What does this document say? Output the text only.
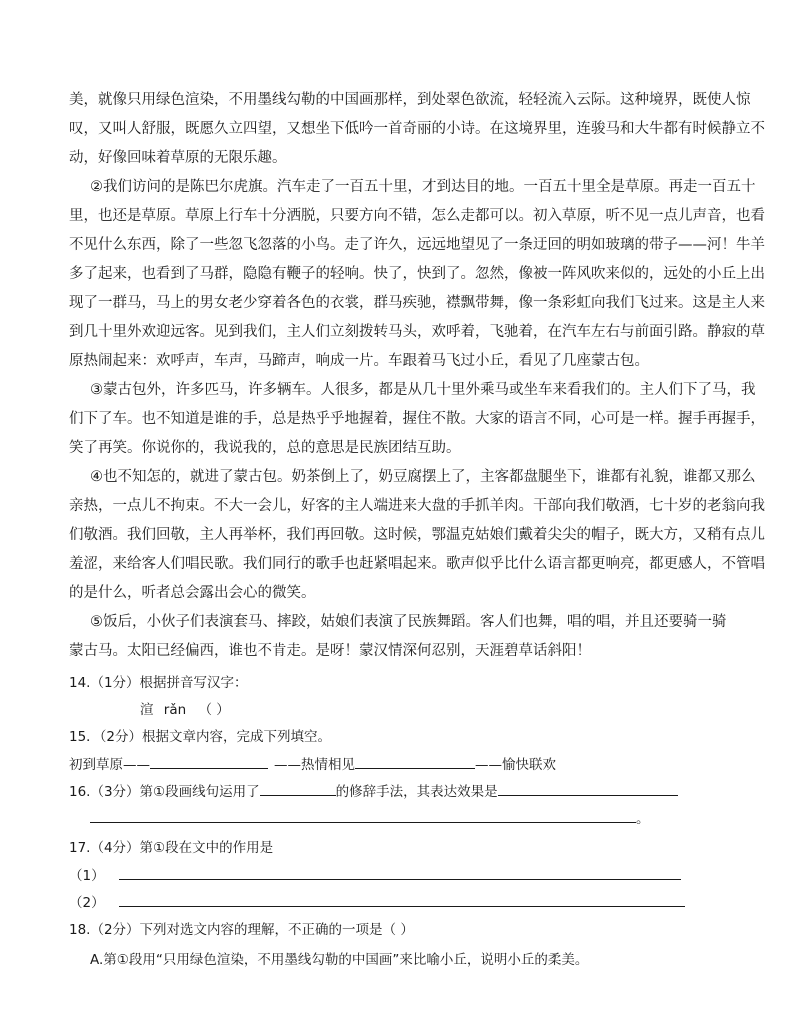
美，就像只用绿色渲染，不用墨线勾勒的中国画那样，到处翠色欲流，轻轻流入云际。这种境界，既使人惊
叹，又叫人舒服，既愿久立四望，又想坐下低吟一首奇丽的小诗。在这境界里，连骏马和大牛都有时候静立不
动，好像回味着草原的无限乐趣。
②我们访问的是陈巴尔虎旗。汽车走了一百五十里，才到达目的地。一百五十里全是草原。再走一百五十
里，也还是草原。草原上行车十分洒脱，只要方向不错，怎么走都可以。初入草原，听不见一点儿声音，也看
不见什么东西，除了一些忽飞忽落的小鸟。走了许久，远远地望见了一条迂回的明如玻璃的带子——河！牛羊
多了起来，也看到了马群，隐隐有鞭子的轻响。快了，快到了。忽然，像被一阵风吹来似的，远处的小丘上出
现了一群马，马上的男女老少穿着各色的衣裳，群马疾驰，襟飘带舞，像一条彩虹向我们飞过来。这是主人来
到几十里外欢迎远客。见到我们，主人们立刻拨转马头，欢呼着，飞驰着，在汽车左右与前面引路。静寂的草
原热闹起来：欢呼声，车声，马蹄声，响成一片。车跟着马飞过小丘，看见了几座蒙古包。
③蒙古包外，许多匹马，许多辆车。人很多，都是从几十里外乘马或坐车来看我们的。主人们下了马，我
们下了车。也不知道是谁的手，总是热乎乎地握着，握住不散。大家的语言不同，心可是一样。握手再握手，
笑了再笑。你说你的，我说我的，总的意思是民族团结互助。
④也不知怎的，就进了蒙古包。奶茶倒上了，奶豆腐摆上了，主客都盘腿坐下，谁都有礼貌，谁都又那么
亲热，一点儿不拘束。不大一会儿，好客的主人端进来大盘的手抓羊肉。干部向我们敬酒，七十岁的老翁向我
们敬酒。我们回敬，主人再举杯，我们再回敬。这时候，鄂温克姑娘们戴着尖尖的帽子，既大方，又稍有点儿
羞涩，来给客人们唱民歌。我们同行的歌手也赶紧唱起来。歌声似乎比什么语言都更响亮，都更感人，不管唱
的是什么，听者总会露出会心的微笑。
⑤饭后，小伙子们表演套马、摔跤，姑娘们表演了民族舞蹈。客人们也舞，唱的唱，并且还要骑一骑
蒙古马。太阳已经偏西，谁也不肯走。是呀！蒙汉情深何忍别，天涯碧草话斜阳！
14.（1分）根据拼音写汉字：
渲 rǎn （ ）
15．（2分）根据文章内容，完成下列填空。
初到草原——	——热情相见	——愉快联欢
16.（3分）第①段画线句运用了	的修辞手法，其表达效果是
。
17.（4分）第①段在文中的作用是
（1）
（2）
18.（2分）下列对选文内容的理解，不正确的一项是（ ）
A.第①段用“只用绿色渲染，不用墨线勾勒的中国画”来比喻小丘，说明小丘的柔美。
